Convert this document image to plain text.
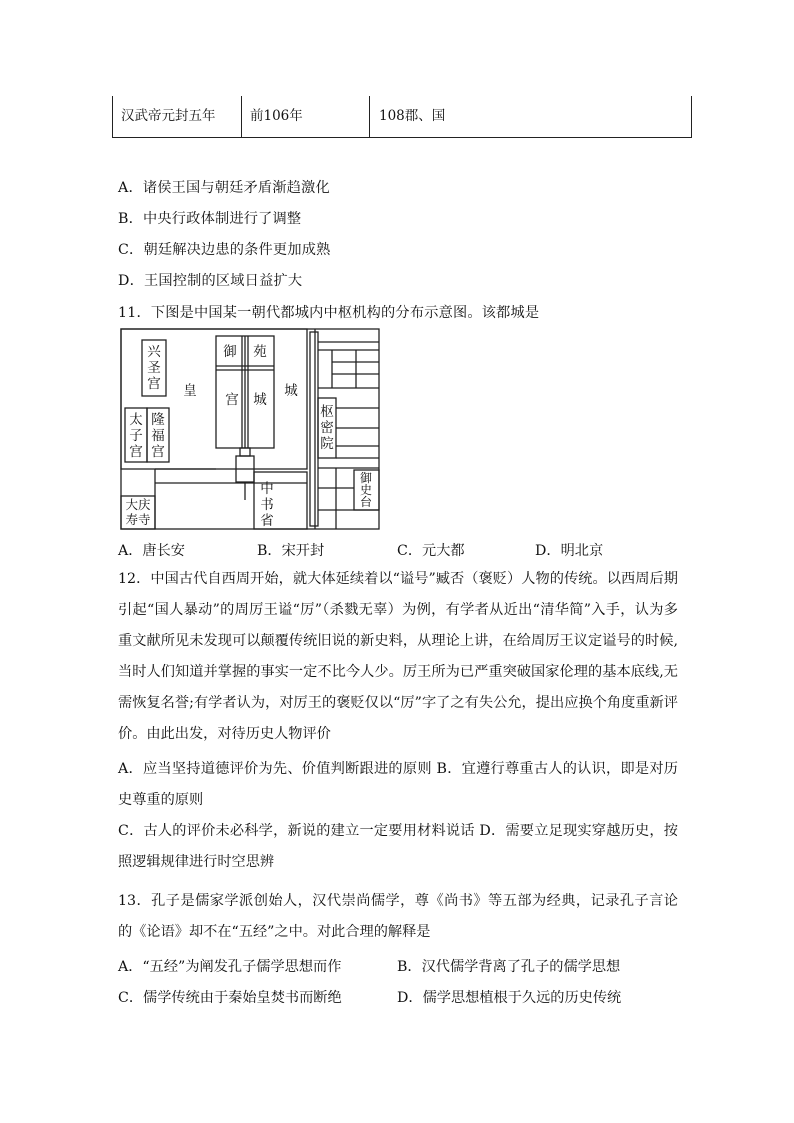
汉武帝元封五年	前106年	108郡、国
A．诸侯王国与朝廷矛盾渐趋激化
B．中央行政体制进行了调整
C．朝廷解决边患的条件更加成熟
D．王国控制的区域日益扩大
11．下图是中国某一朝代都城内中枢机构的分布示意图。该都城是
兴圣宫 皇
御 苑
宫 城
城
太子宫
隆福宫
枢密院
御史台
中书省
大庆寿寺
A．唐长安	B．宋开封	C．元大都	D．明北京
12．中国古代自西周开始，就大体延续着以“谥号”臧否（褒贬）人物的传统。以西周后期引起“国人暴动”的周厉王谥“厉”（杀戮无辜）为例，有学者从近出“清华简”入手，认为多重文献所见未发现可以颠覆传统旧说的新史料，从理论上讲，在给周厉王议定谥号的时候,当时人们知道并掌握的事实一定不比今人少。厉王所为已严重突破国家伦理的基本底线,无需恢复名誉;有学者认为，对厉王的褒贬仅以“厉”字了之有失公允，提出应换个角度重新评价。由此出发，对待历史人物评价
A．应当坚持道德评价为先、价值判断跟进的原则 B．宜遵行尊重古人的认识，即是对历史尊重的原则
C．古人的评价未必科学，新说的建立一定要用材料说话 D．需要立足现实穿越历史，按照逻辑规律进行时空思辨
13．孔子是儒家学派创始人，汉代崇尚儒学，尊《尚书》等五部为经典，记录孔子言论 的《论语》却不在“五经”之中。对此合理的解释是
A．“五经”为阐发孔子儒学思想而作	B．汉代儒学背离了孔子的儒学思想
C．儒学传统由于秦始皇焚书而断绝	D．儒学思想植根于久远的历史传统
